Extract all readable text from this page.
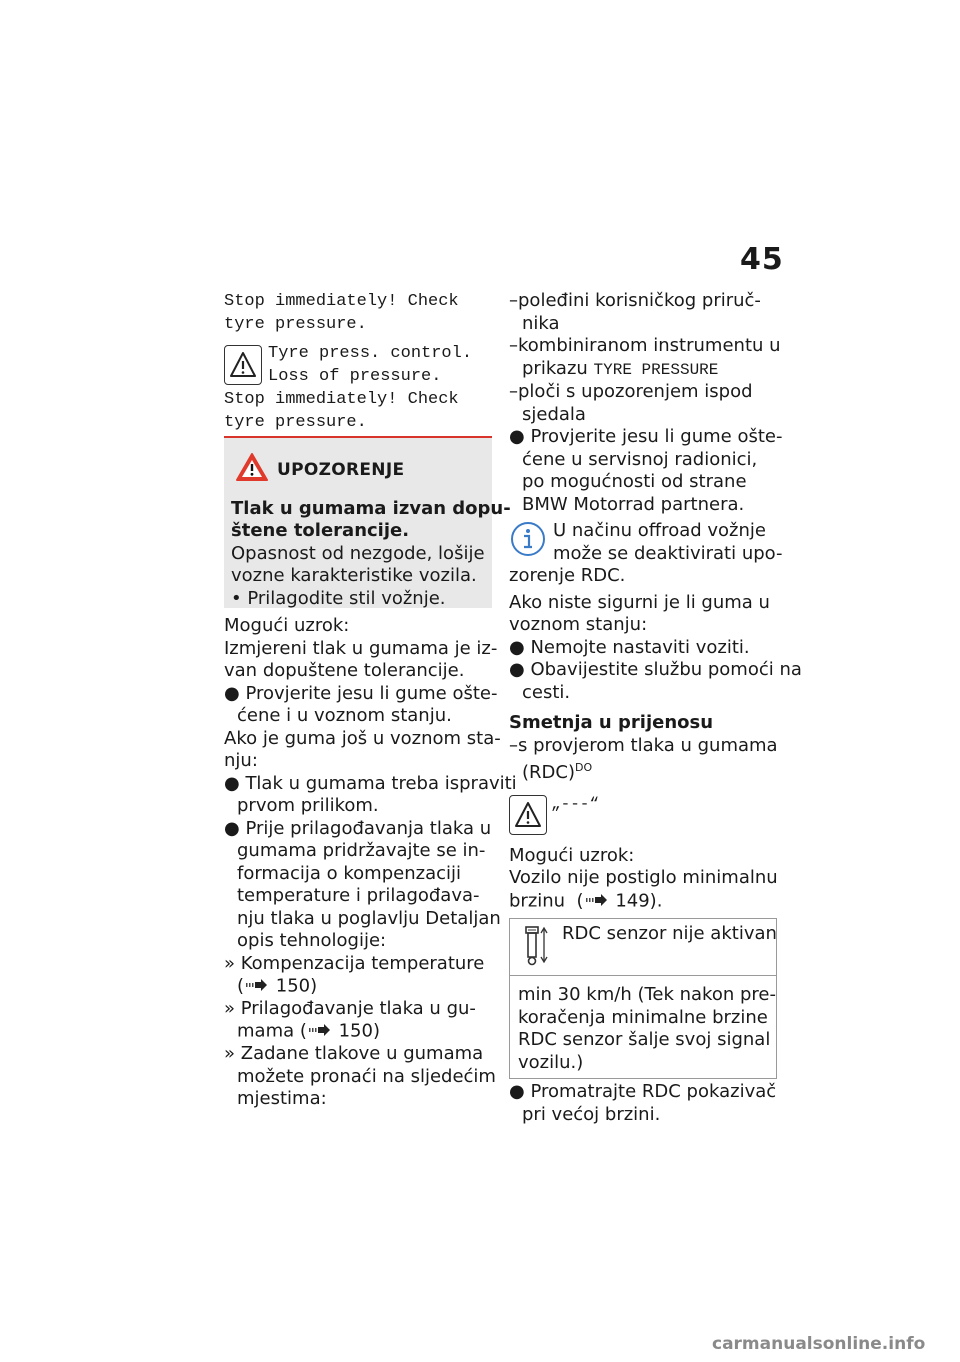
45
Stop immediately! Check
tyre pressure.
Tyre press. control.
Loss of pressure.
Stop immediately! Check
tyre pressure.
UPOZORENJE
Tlak u gumama izvan dopu-
štene tolerancije.
Opasnost od nezgode, lošije
vozne karakteristike vozila.
• Prilagodite stil vožnje.
Mogući uzrok:
Izmjereni tlak u gumama je iz-
van dopuštene tolerancije.
● Provjerite jesu li gume ošte-
ćene i u voznom stanju.
Ako je guma još u voznom sta-
nju:
● Tlak u gumama treba ispraviti
prvom prilikom.
● Prije prilagođavanja tlaka u
gumama pridržavajte se in-
formacija o kompenzaciji
temperature i prilagođava-
nju tlaka u poglavlju Detaljan
opis tehnologije:
» Kompenzacija temperature
( 150)
» Prilagođavanje tlaka u gu-
mama ( 150)
» Zadane tlakove u gumama
možete pronaći na sljedećim
mjestima:
–poleđini korisničkog priruč-
nika
–kombiniranom instrumentu u
prikazu TYRE PRESSURE
–ploči s upozorenjem ispod
sjedala
● Provjerite jesu li gume ošte-
ćene u servisnoj radionici,
po mogućnosti od strane
BMW Motorrad partnera.
U načinu offroad vožnje
može se deaktivirati upo-
zorenje RDC.
Ako niste sigurni je li guma u
voznom stanju:
● Nemojte nastaviti voziti.
● Obavijestite službu pomoći na
cesti.
Smetnja u prijenosu
–s provjerom tlaka u gumama
(RDC)$^{DO}$
„---“
Mogući uzrok:
Vozilo nije postiglo minimalnu
brzinu ( 149).
RDC senzor nije aktivan
min 30 km/h (Tek nakon pre-
koračenja minimalne brzine
RDC senzor šalje svoj signal
vozilu.)
● Promatrajte RDC pokazivač
pri većoj brzini.
carmanualsonline.info
